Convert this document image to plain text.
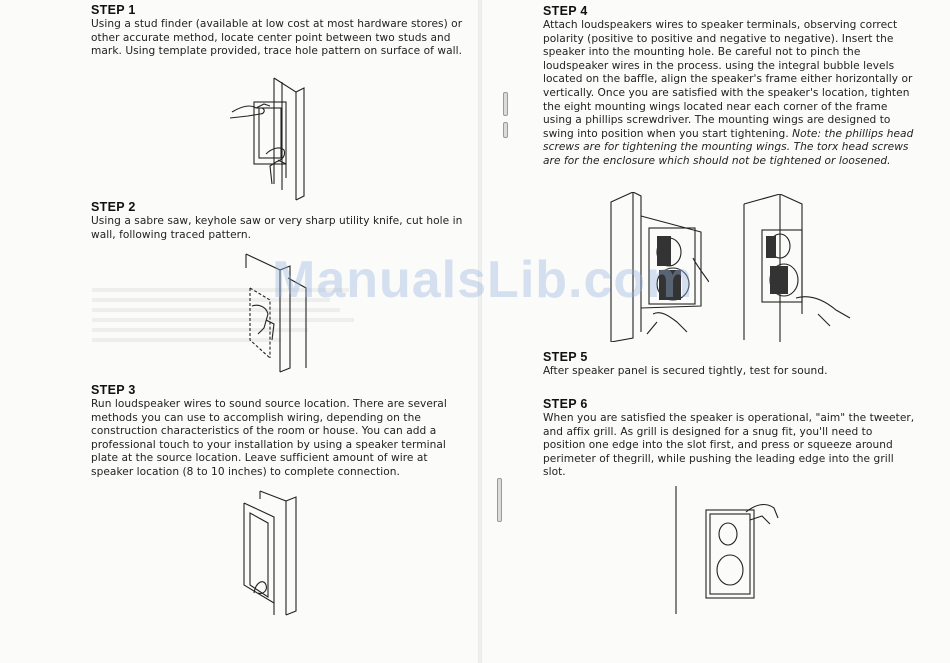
STEP 1

Using a stud finder (available at low cost at most hardware stores) or other accurate method, locate center point between two studs and mark. Using template provided, trace hole pattern on surface of wall.

STEP 2

Using a sabre saw, keyhole saw or very sharp utility knife, cut hole in wall, following traced pattern.

STEP 3

Run loudspeaker wires to sound source location. There are several methods you can use to accomplish wiring, depending on the construction characteristics of the room or house. You can add a professional touch to your installation by using a speaker terminal plate at the source location. Leave sufficient amount of wire at speaker location (8 to 10 inches) to complete connection.

STEP 4

Attach loudspeakers wires to speaker terminals, observing correct polarity (positive to positive and negative to negative). Insert the speaker into the mounting hole. Be careful not to pinch the loudspeaker wires in the process. using the integral bubble levels located on the baffle, align the speaker's frame either horizontally or vertically. Once you are satisfied with the speaker's location, tighten the eight mounting wings located near each corner of the frame using a phillips screwdriver. The mounting wings are designed to swing into position when you start tightening. Note: the phillips head screws are for tightening the mounting wings. The torx head screws are for the enclosure which should not be tightened or loosened.

STEP 5

After speaker panel is secured tightly, test for sound.

STEP 6

When you are satisfied the speaker is operational, "aim" the tweeter, and affix grill. As grill is designed for a snug fit, you'll need to position one edge into the slot first, and press or squeeze around perimeter of thegrill, while pushing the leading edge into the grill slot.

ManualsLib.com
